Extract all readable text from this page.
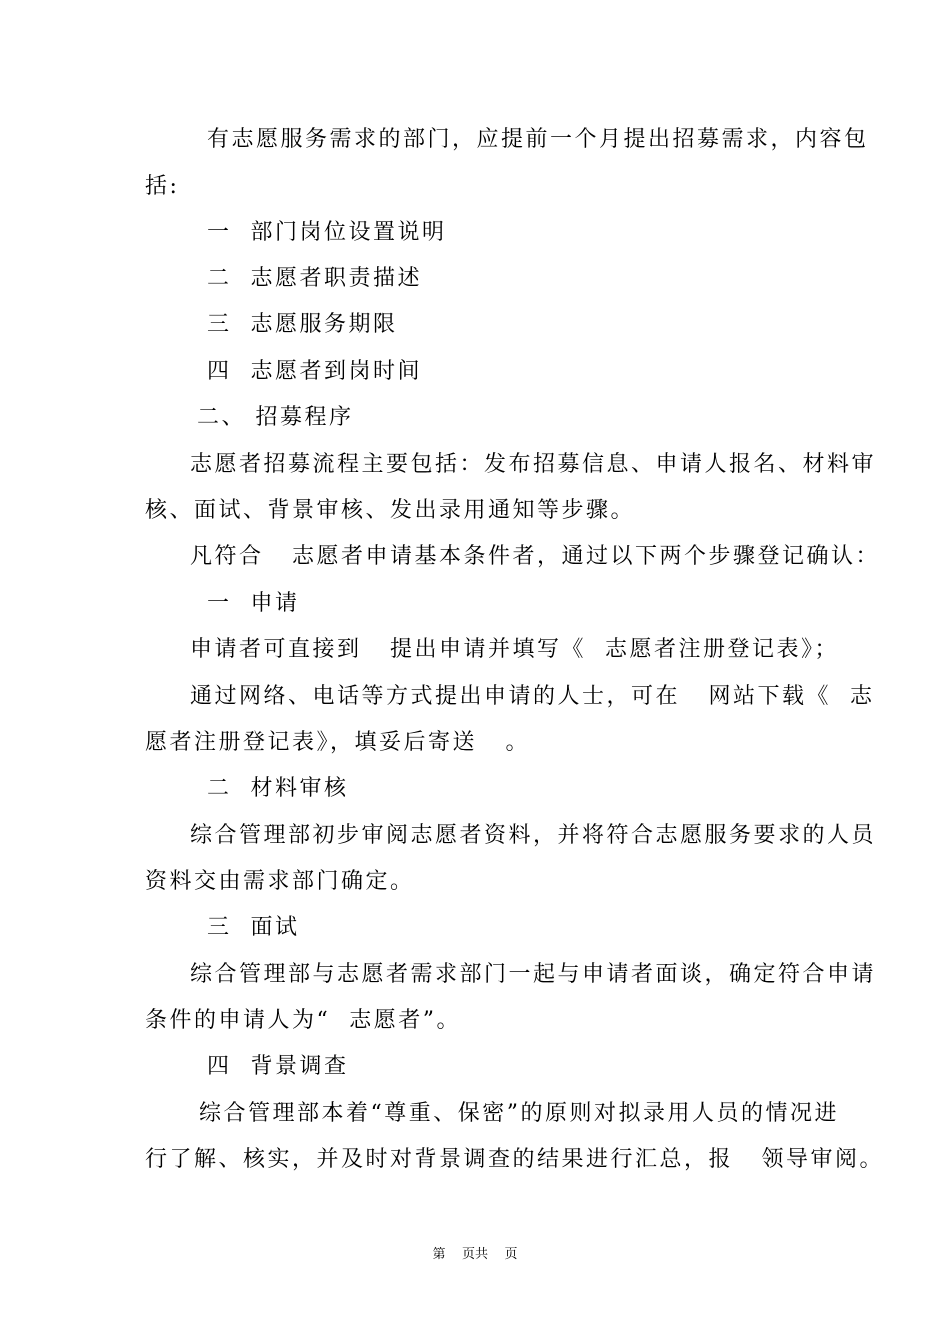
有志愿服务需求的部门，应提前一个月提出招募需求，内容包
括:
一  部门岗位设置说明
二  志愿者职责描述
三  志愿服务期限
四  志愿者到岗时间
二、 招募程序
志愿者招募流程主要包括：发布招募信息、申请人报名、材料审
核、面试、背景审核、发出录用通知等步骤。
凡符合   志愿者申请基本条件者，通过以下两个步骤登记确认：
一  申请
申请者可直接到   提出申请并填写《  志愿者注册登记表》；
通过网络、电话等方式提出申请的人士，可在   网站下载《  志
愿者注册登记表》，填妥后寄送   。
二  材料审核
综合管理部初步审阅志愿者资料，并将符合志愿服务要求的人员
资料交由需求部门确定。
三  面试
综合管理部与志愿者需求部门一起与申请者面谈，确定符合申请
条件的申请人为“  志愿者”。
四  背景调查
综合管理部本着“尊重、保密”的原则对拟录用人员的情况进
行了解、核实，并及时对背景调查的结果进行汇总，报   领导审阅。
第    页共    页
